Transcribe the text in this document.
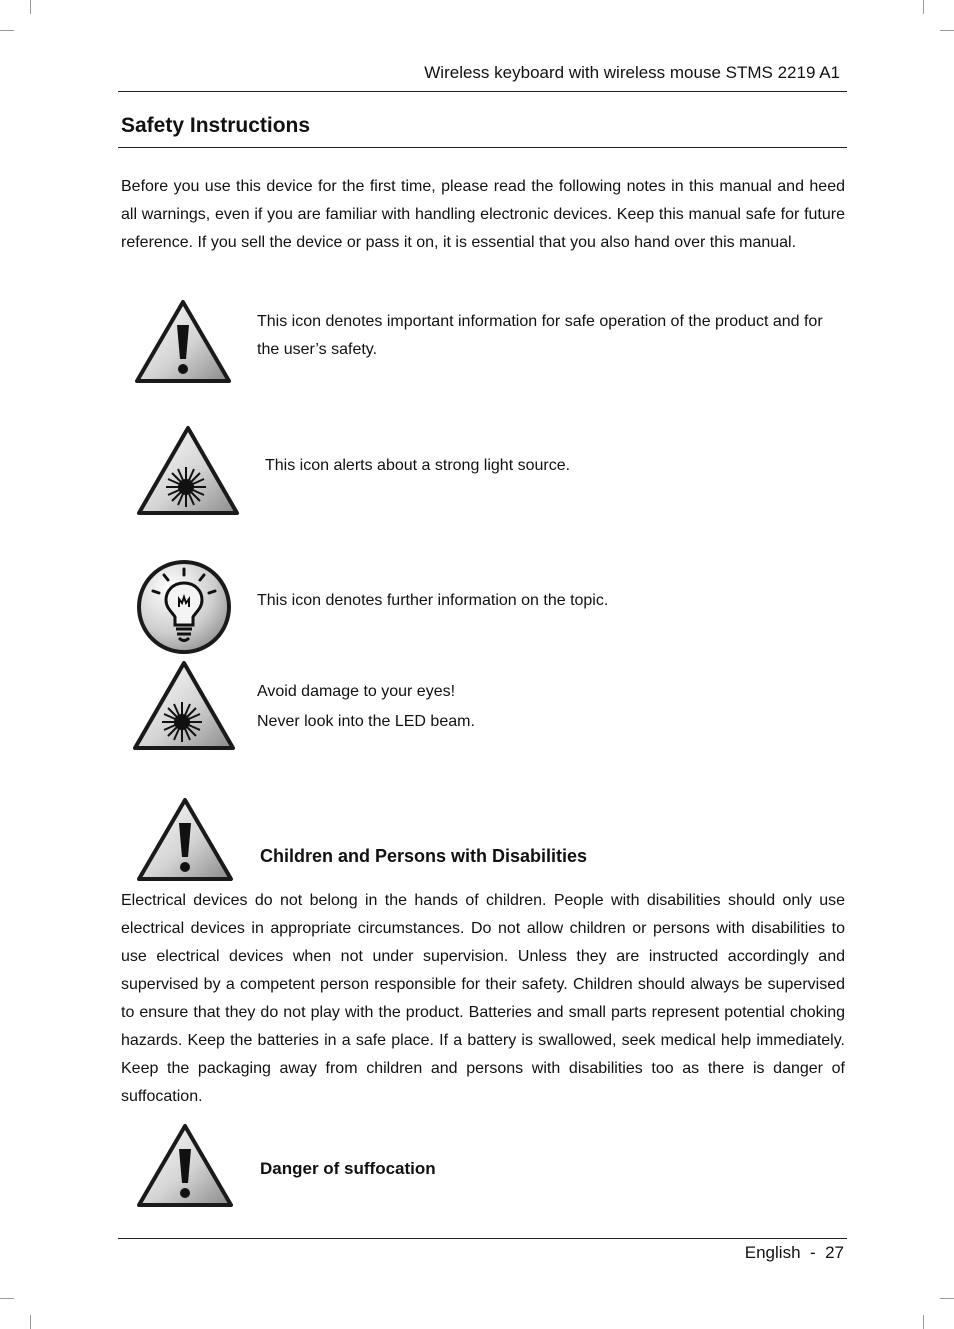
Wireless keyboard with wireless mouse STMS 2219 A1
Safety Instructions
Before you use this device for the first time, please read the following notes in this manual and heed all warnings, even if you are familiar with handling electronic devices. Keep this manual safe for future reference. If you sell the device or pass it on, it is essential that you also hand over this manual.
This icon denotes important information for safe operation of the product and for the user’s safety.
This icon alerts about a strong light source.
This icon denotes further information on the topic.
Avoid damage to your eyes!
Never look into the LED beam.
Children and Persons with Disabilities
Electrical devices do not belong in the hands of children. People with disabilities should only use electrical devices in appropriate circumstances. Do not allow children or persons with disabilities to use electrical devices when not under supervision. Unless they are instructed accordingly and supervised by a competent person responsible for their safety. Children should always be supervised to ensure that they do not play with the product. Batteries and small parts represent potential choking hazards. Keep the batteries in a safe place. If a battery is swallowed, seek medical help immediately. Keep the packaging away from children and persons with disabilities too as there is danger of suffocation.
Danger of suffocation
English  -  27
